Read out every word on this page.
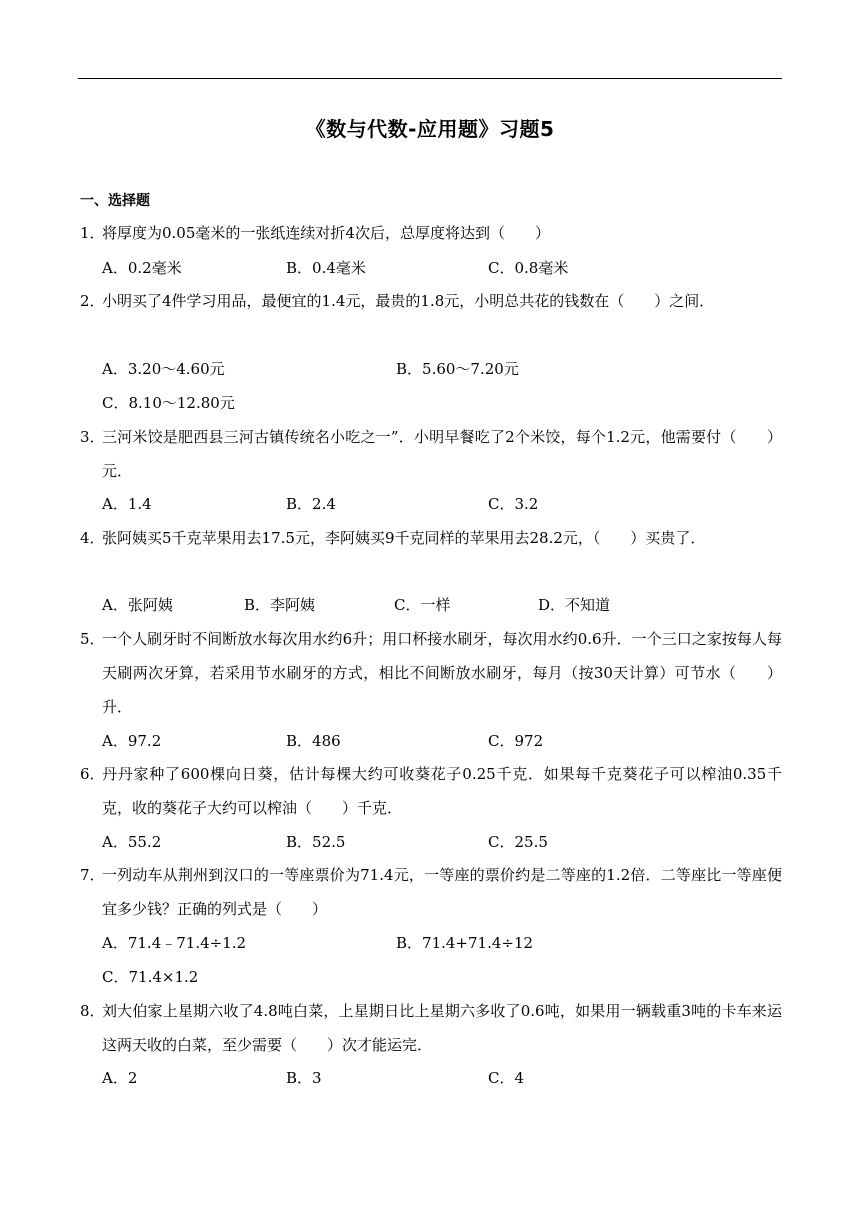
《数与代数-应用题》习题5
一、选择题
1．
将厚度为0.05毫米的一张纸连续对折4次后，总厚度将达到（　　）
A．0.2毫米	B．0.4毫米	C．0.8毫米
2．
小明买了4件学习用品，最便宜的1.4元，最贵的1.8元，小明总共花的钱数在（　　）之间．
A．3.20～4.60元	B．5.60～7.20元
C．8.10～12.80元
3．
三河米饺是肥西县三河古镇传统名小吃之一”．小明早餐吃了2个米饺，每个1.2元，他需要付（　　）元．
A．1.4	B．2.4	C．3.2
4．
张阿姨买5千克苹果用去17.5元，李阿姨买9千克同样的苹果用去28.2元，（　　）买贵了．
A．张阿姨	B．李阿姨	C．一样	D．不知道
5．
一个人刷牙时不间断放水每次用水约6升；用口杯接水刷牙，每次用水约0.6升．一个三口之家按每人每天刷两次牙算，若采用节水刷牙的方式，相比不间断放水刷牙，每月（按30天计算）可节水（　　）升．
A．97.2	B．486	C．972
6．
丹丹家种了600棵向日葵，估计每棵大约可收葵花子0.25千克．如果每千克葵花子可以榨油0.35千克，收的葵花子大约可以榨油（　　）千克．
A．55.2	B．52.5	C．25.5
7．
一列动车从荆州到汉口的一等座票价为71.4元，一等座的票价约是二等座的1.2倍．二等座比一等座便宜多少钱？正确的列式是（　　）
A．71.4﹣71.4÷1.2	B．71.4+71.4÷12
C．71.4×1.2
8．
刘大伯家上星期六收了4.8吨白菜，上星期日比上星期六多收了0.6吨，如果用一辆载重3吨的卡车来运这两天收的白菜，至少需要（　　）次才能运完．
A．2	B．3	C．4
